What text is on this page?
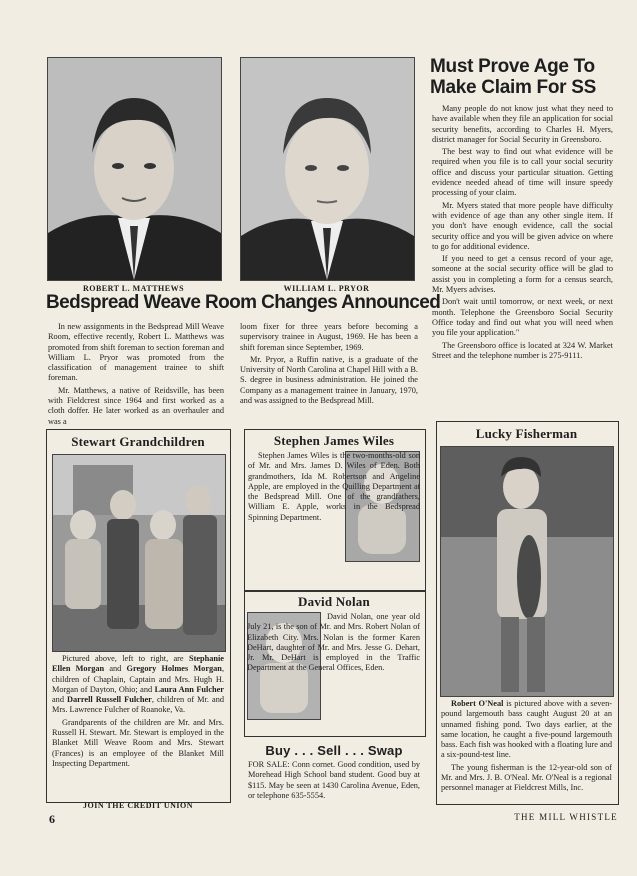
ROBERT L. MATTHEWS	WILLIAM L. PRYOR
Must Prove Age To
Make Claim For SS

Many people do not know just what they need to have available when they file an application for social security benefits, according to Charles H. Myers, district manager for Social Security in Greensboro.

The best way to find out what evidence will be required when you file is to call your social security office and discuss your particular situation. Getting evidence needed ahead of time will insure speedy processing of your claim.

Mr. Myers stated that more people have difficulty with evidence of age than any other single item. If you don't have enough evidence, call the social security office and you will be given advice on where to go for additional evidence.

If you need to get a census record of your age, someone at the social security office will be glad to assist you in completing a form for a census search, Mr. Myers advises.

Don't wait until tomorrow, or next week, or next month. Telephone the Greensboro Social Security Office today and find out what you will need when you file your application."

The Greensboro office is located at 324 W. Market Street and the telephone number is 275-9111.

Bedspread Weave Room Changes Announced

In new assignments in the Bedspread Mill Weave Room, effective recently, Robert L. Matthews was promoted from shift foreman to section foreman and William L. Pryor was promoted from the classification of management trainee to shift foreman.

Mr. Matthews, a native of Reidsville, has been with Fieldcrest since 1964 and first worked as a cloth doffer. He later worked as an overhauler and was a

loom fixer for three years before becoming a supervisory trainee in August, 1969. He has been a shift foreman since September, 1969.

Mr. Pryor, a Ruffin native, is a graduate of the University of North Carolina at Chapel Hill with a B. S. degree in business administration. He joined the Company as a management trainee in January, 1970, and was assigned to the Bedspread Mill.

Stewart Grandchildren

Pictured above, left to right, are Stephanie Ellen Morgan and Gregory Holmes Morgan, children of Chaplain, Captain and Mrs. Hugh H. Morgan of Dayton, Ohio; and Laura Ann Fulcher and Darrell Russell Fulcher, children of Mr. and Mrs. Lawrence Fulcher of Roanoke, Va.

Grandparents of the children are Mr. and Mrs. Russell H. Stewart. Mr. Stewart is employed in the Blanket Mill Weave Room and Mrs. Stewart (Frances) is an employee of the Blanket Mill Inspecting Department.

JOIN THE CREDIT UNION
Stephen James Wiles
Stephen James Wiles is the two-months-old son of Mr. and Mrs. James D. Wiles of Eden. Both grandmothers, Ida M. Robertson and Angeline Apple, are employed in the Quilling Department at the Bedspread Mill. One of the grandfathers, William E. Apple, works in the Bedspread Spinning Department.
David Nolan
David Nolan, one year old July 21, is the son of Mr. and Mrs. Robert Nolan of Elizabeth City. Mrs. Nolan is the former Karen DeHart, daughter of Mr. and Mrs. Jesse G. Dehart, Jr. Mr. DeHart is employed in the Traffic Department at the General Offices, Eden.
Buy . . . Sell . . . Swap
FOR SALE: Conn cornet. Good condition, used by Morehead High School band student. Good buy at $115. May be seen at 1430 Carolina Avenue, Eden, or telephone 635-5554.
Lucky Fisherman

Robert O'Neal is pictured above with a seven-pound largemouth bass caught August 20 at an unnamed fishing pond. Two days earlier, at the same location, he caught a five-pound largemouth bass. Each fish was hooked with a floating lure and a six-pound-test line.

The young fisherman is the 12-year-old son of Mr. and Mrs. J. B. O'Neal. Mr. O'Neal is a regional personnel manager at Fieldcrest Mills, Inc.

6	THE MILL WHISTLE
